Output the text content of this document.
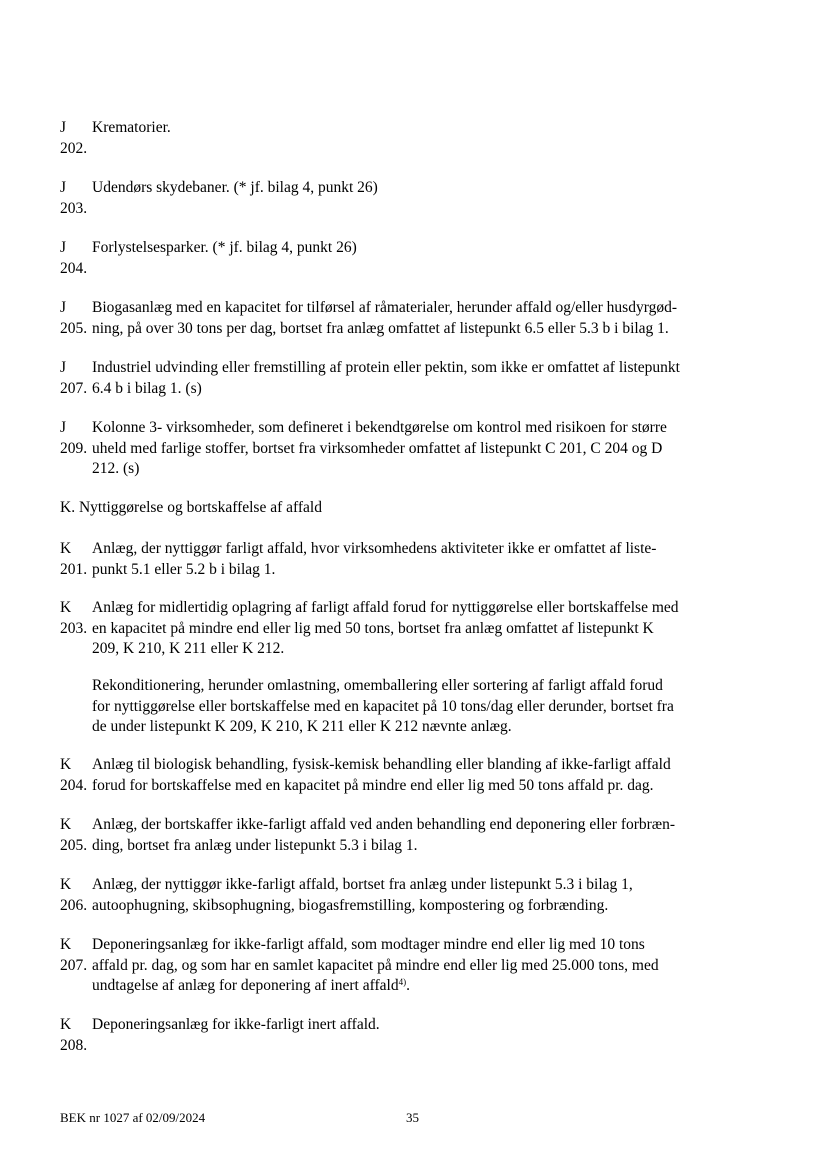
J
202.
Krematorier.
J
203.
Udendørs skydebaner. (* jf. bilag 4, punkt 26)
J
204.
Forlystelsesparker. (* jf. bilag 4, punkt 26)
J
205.
Biogasanlæg med en kapacitet for tilførsel af råmaterialer, herunder affald og/eller husdyrgød-
ning, på over 30 tons per dag, bortset fra anlæg omfattet af listepunkt 6.5 eller 5.3 b i bilag 1.
J
207.
Industriel udvinding eller fremstilling af protein eller pektin, som ikke er omfattet af listepunkt
6.4 b i bilag 1. (s)
J
209.
Kolonne 3- virksomheder, som defineret i bekendtgørelse om kontrol med risikoen for større
uheld med farlige stoffer, bortset fra virksomheder omfattet af listepunkt C 201, C 204 og D
212. (s)
K. Nyttiggørelse og bortskaffelse af affald
K
201.
Anlæg, der nyttiggør farligt affald, hvor virksomhedens aktiviteter ikke er omfattet af liste-
punkt 5.1 eller 5.2 b i bilag 1.
K
203.
Anlæg for midlertidig oplagring af farligt affald forud for nyttiggørelse eller bortskaffelse med
en kapacitet på mindre end eller lig med 50 tons, bortset fra anlæg omfattet af listepunkt K
209, K 210, K 211 eller K 212.
Rekonditionering, herunder omlastning, omemballering eller sortering af farligt affald forud
for nyttiggørelse eller bortskaffelse med en kapacitet på 10 tons/dag eller derunder, bortset fra
de under listepunkt K 209, K 210, K 211 eller K 212 nævnte anlæg.
K
204.
Anlæg til biologisk behandling, fysisk-kemisk behandling eller blanding af ikke-farligt affald
forud for bortskaffelse med en kapacitet på mindre end eller lig med 50 tons affald pr. dag.
K
205.
Anlæg, der bortskaffer ikke-farligt affald ved anden behandling end deponering eller forbræn-
ding, bortset fra anlæg under listepunkt 5.3 i bilag 1.
K
206.
Anlæg, der nyttiggør ikke-farligt affald, bortset fra anlæg under listepunkt 5.3 i bilag 1,
autoophugning, skibsophugning, biogasfremstilling, kompostering og forbrænding.
K
207.
Deponeringsanlæg for ikke-farligt affald, som modtager mindre end eller lig med 10 tons
affald pr. dag, og som har en samlet kapacitet på mindre end eller lig med 25.000 tons, med
undtagelse af anlæg for deponering af inert affald$^{4)}$.
K
208.
Deponeringsanlæg for ikke-farligt inert affald.
BEK nr 1027 af 02/09/2024	35
